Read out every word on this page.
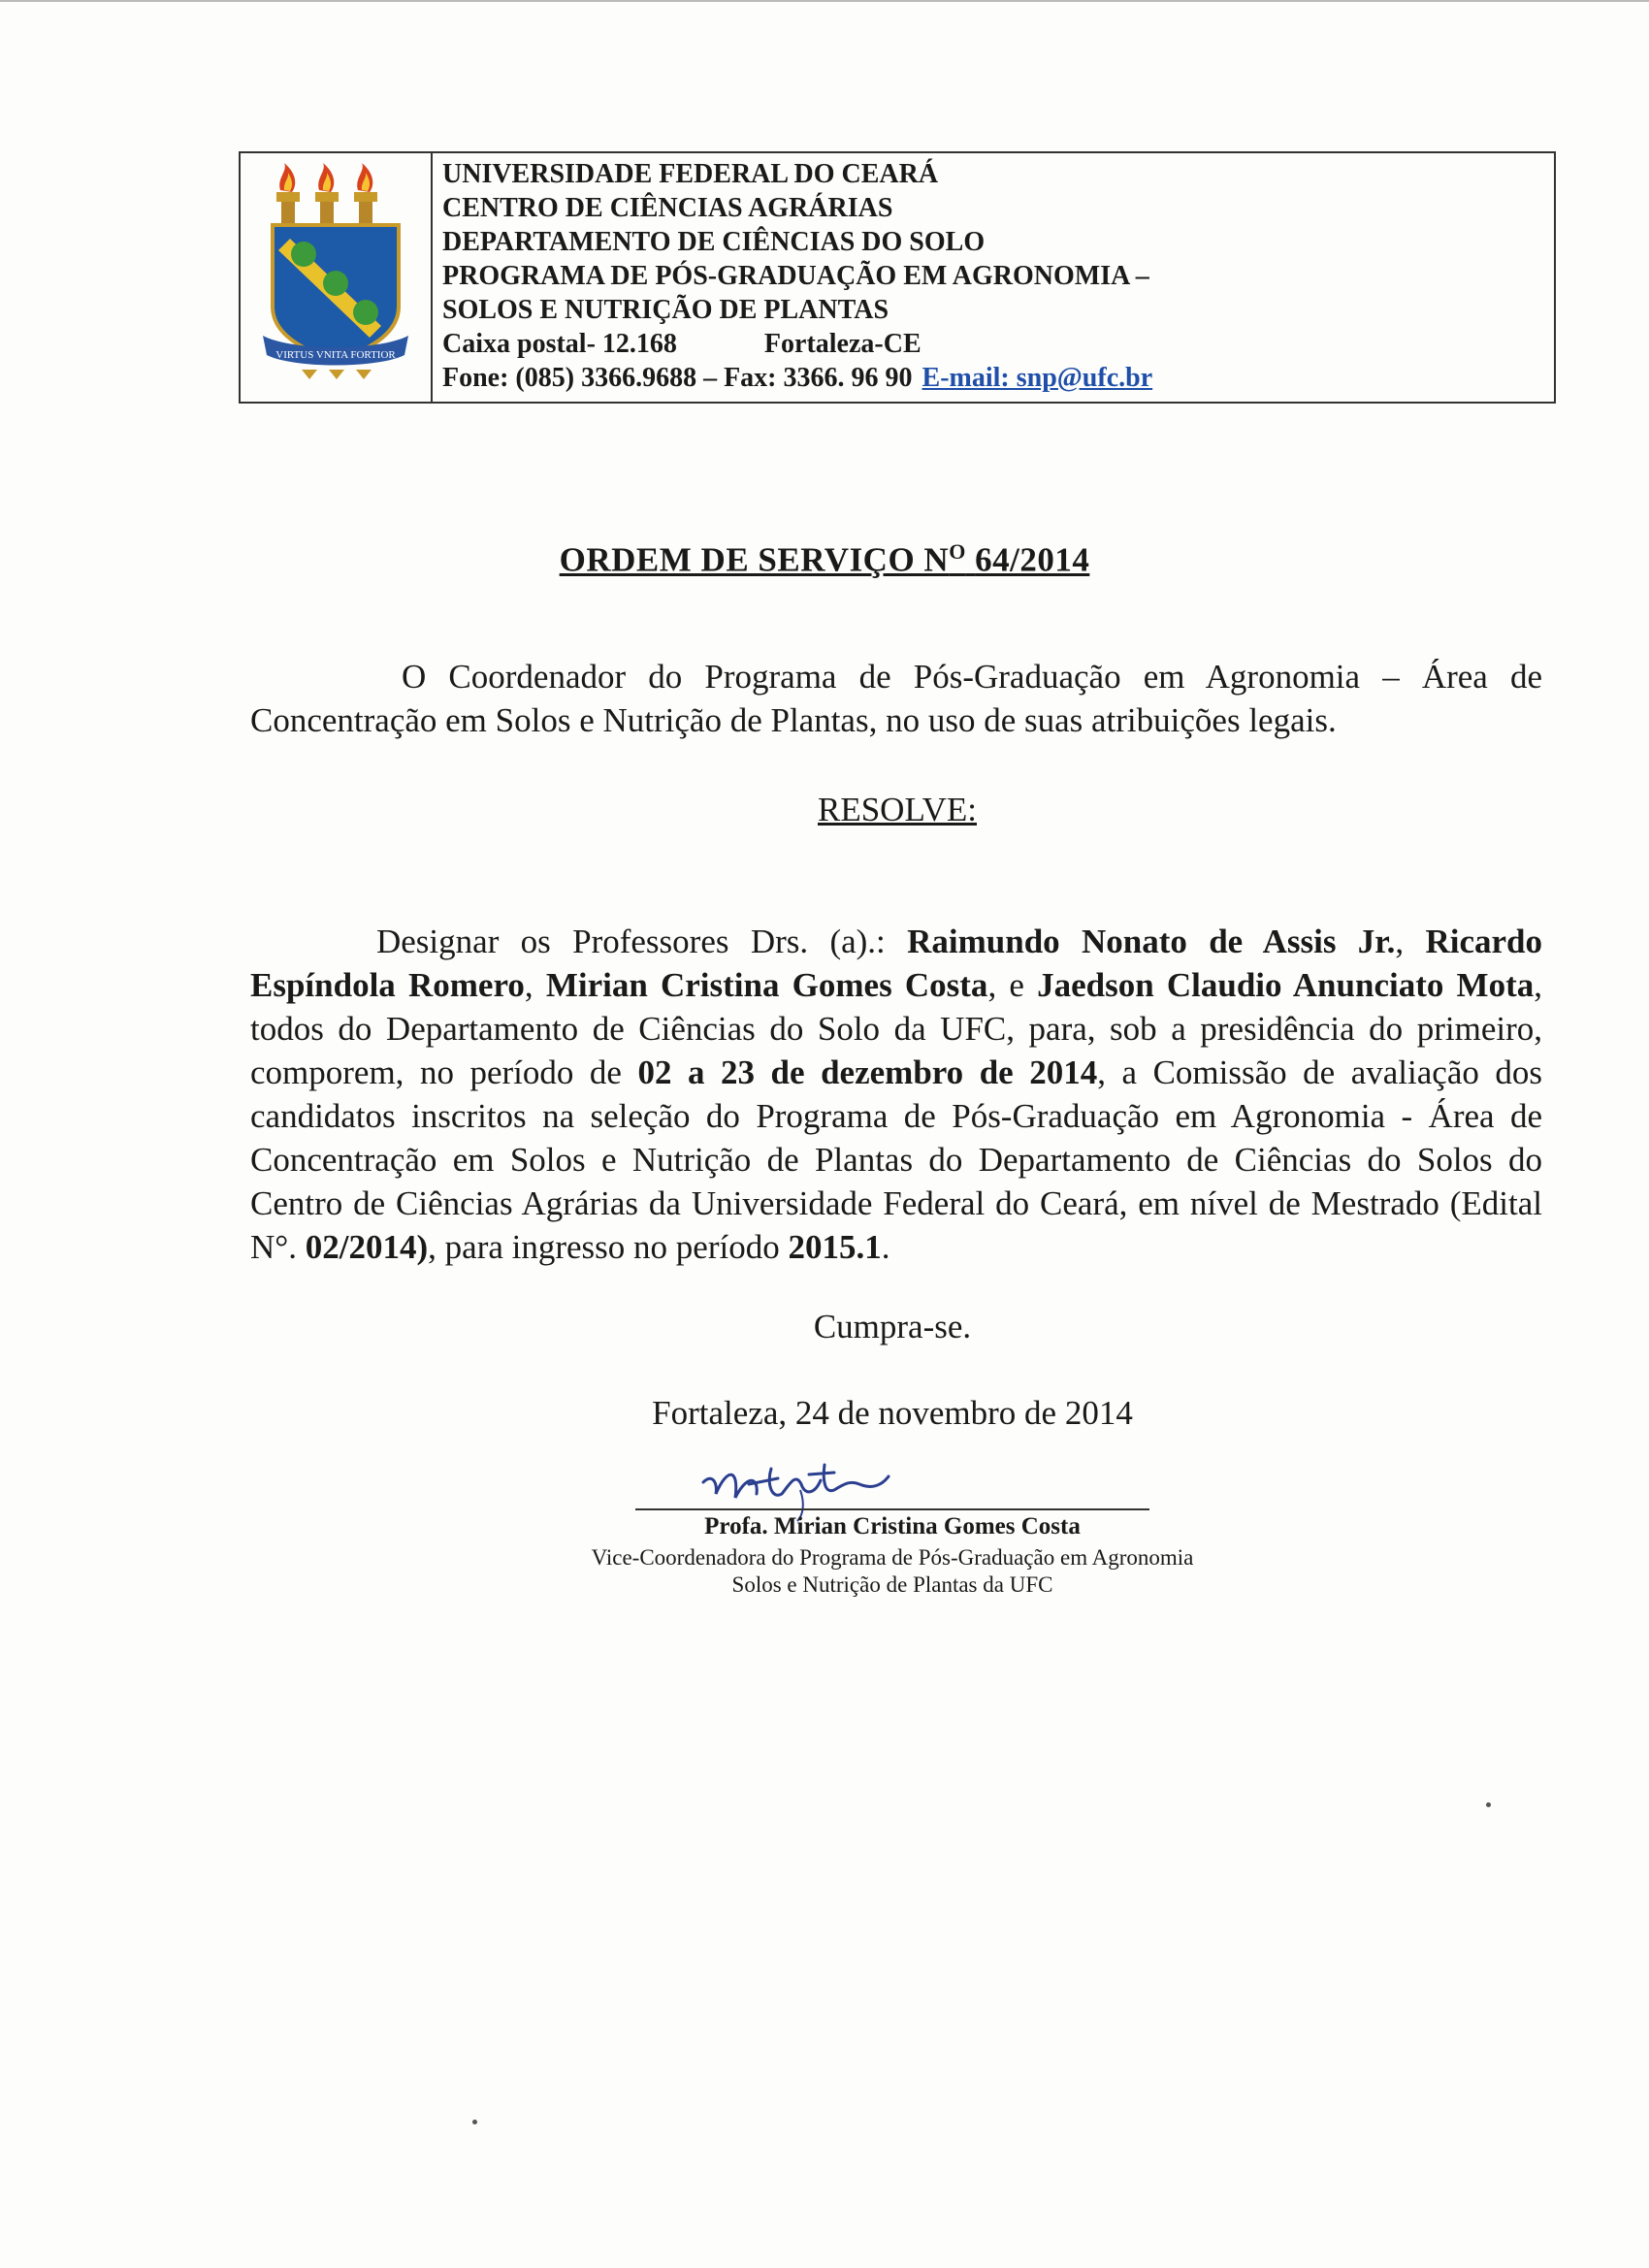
VIRTUS VNITA FORTIOR
UNIVERSIDADE FEDERAL DO CEARÁ
CENTRO DE CIÊNCIAS AGRÁRIAS
DEPARTAMENTO DE CIÊNCIAS DO SOLO
PROGRAMA DE PÓS-GRADUAÇÃO EM AGRONOMIA –
SOLOS E NUTRIÇÃO DE PLANTAS
Caixa postal- 12.168	Fortaleza-CE
Fone: (085) 3366.9688 – Fax: 3366. 96 90 E-mail: snp@ufc.br
ORDEM DE SERVIÇO $N^O$ 64/2014
O Coordenador do Programa de Pós-Graduação em Agronomia – Área de Concentração em Solos e Nutrição de Plantas, no uso de suas atribuições legais.
RESOLVE:
Designar os Professores Drs. (a).: Raimundo Nonato de Assis Jr., Ricardo Espíndola Romero, Mirian Cristina Gomes Costa, e Jaedson Claudio Anunciato Mota, todos do Departamento de Ciências do Solo da UFC, para, sob a presidência do primeiro, comporem, no período de 02 a 23 de dezembro de 2014, a Comissão de avaliação dos candidatos inscritos na seleção do Programa de Pós-Graduação em Agronomia - Área de Concentração em Solos e Nutrição de Plantas do Departamento de Ciências do Solos do Centro de Ciências Agrárias da Universidade Federal do Ceará, em nível de Mestrado (Edital N°. 02/2014), para ingresso no período 2015.1.
Cumpra-se.
Fortaleza, 24 de novembro de 2014
Profa. Mirian Cristina Gomes Costa
Vice-Coordenadora do Programa de Pós-Graduação em Agronomia
Solos e Nutrição de Plantas da UFC
